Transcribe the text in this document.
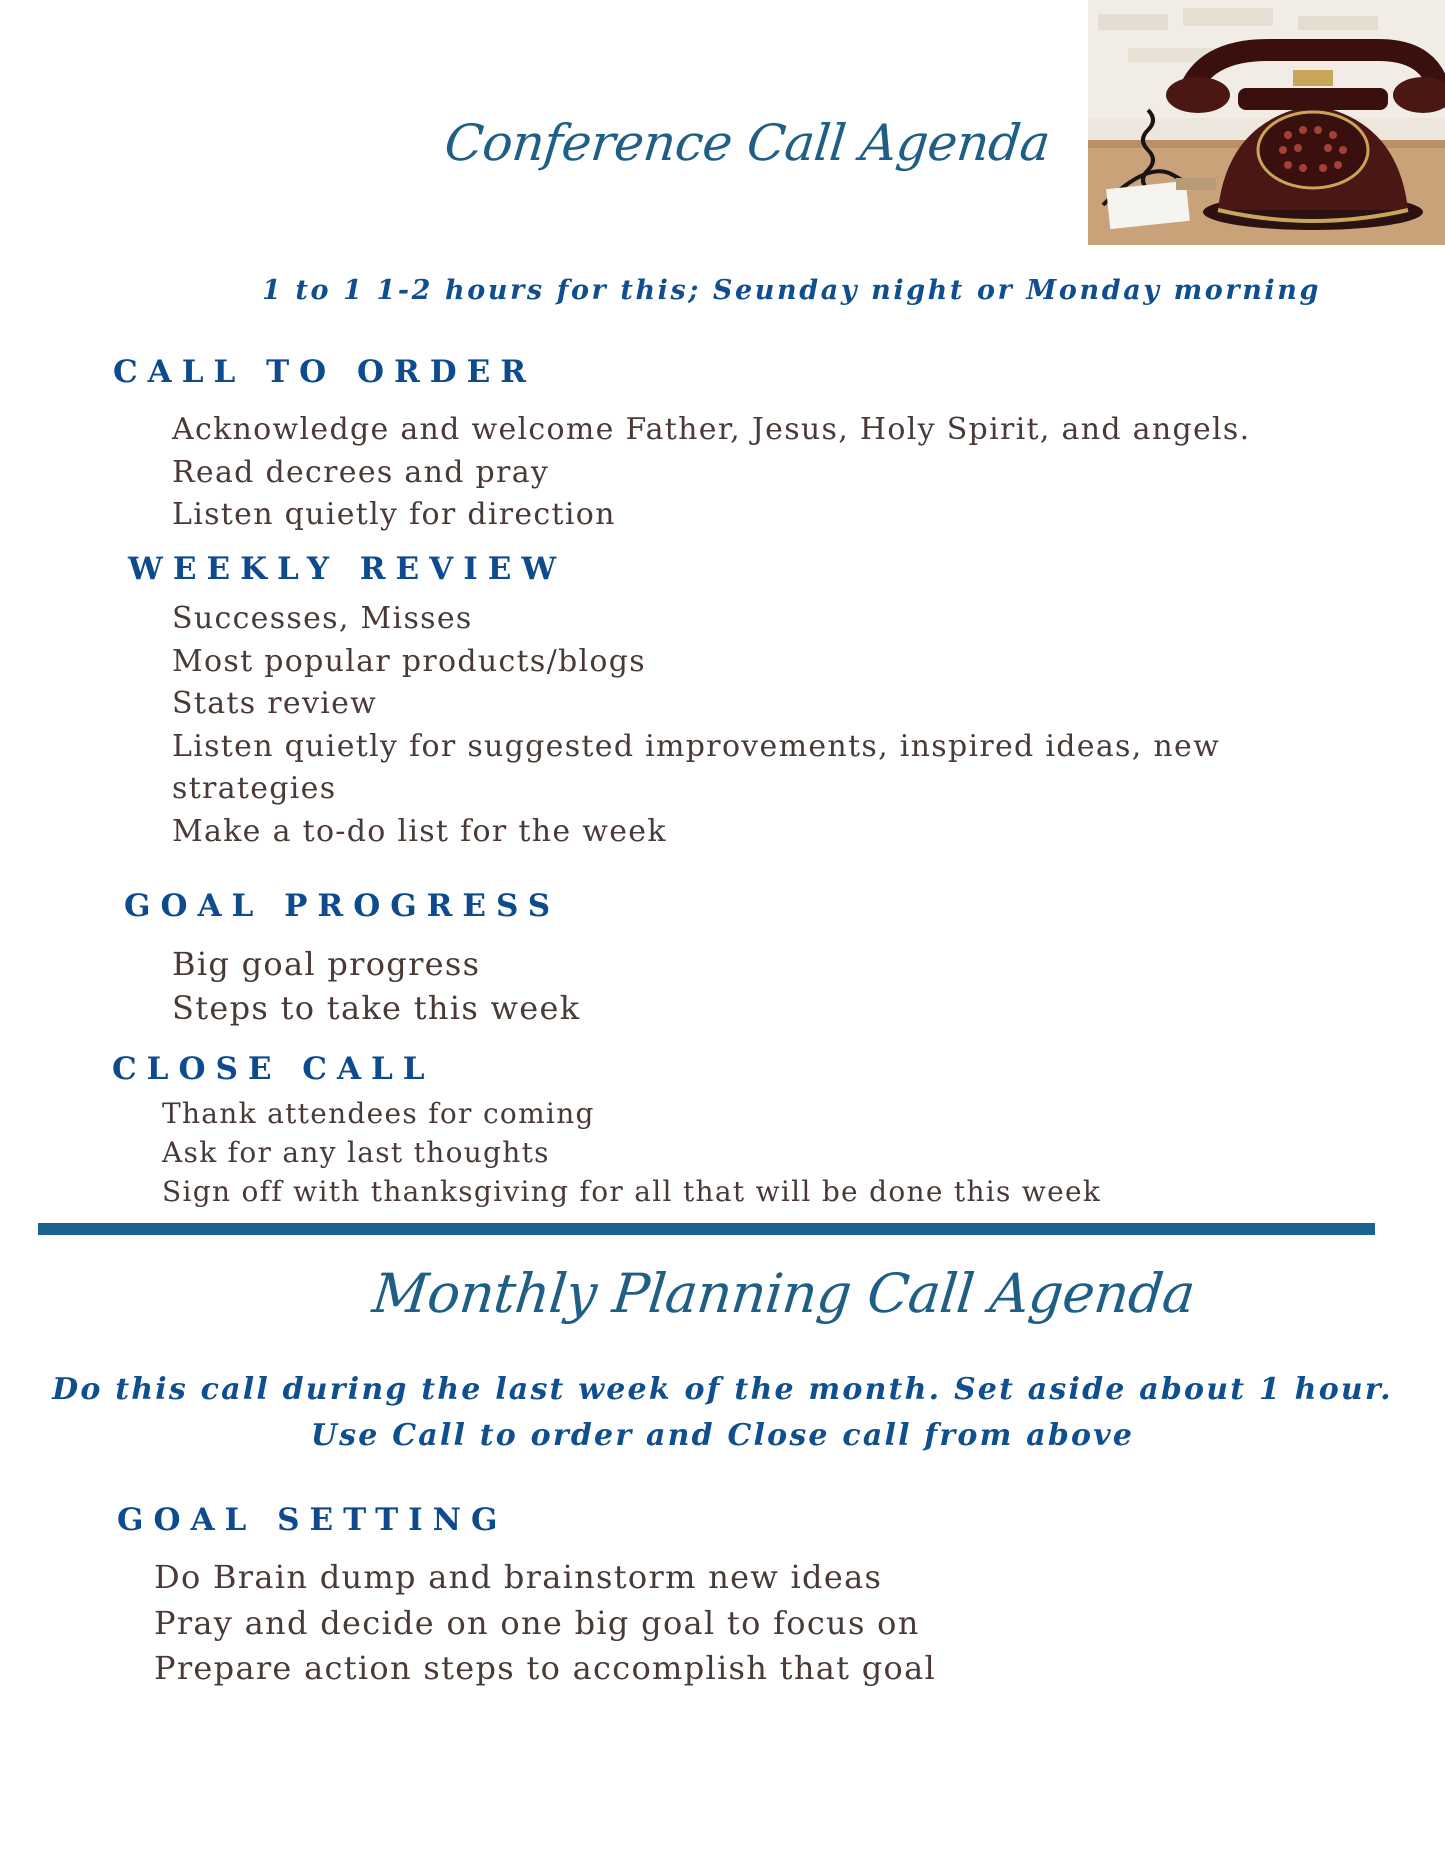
Conference Call Agenda

1 to 1 1-2 hours for this; Seunday night or Monday morning

CALL TO ORDER
Acknowledge and welcome Father, Jesus, Holy Spirit, and angels.
Read decrees and pray
Listen quietly for direction
WEEKLY REVIEW
Successes, Misses
Most popular products/blogs
Stats review
Listen quietly for suggested improvements, inspired ideas, new
strategies
Make a to-do list for the week
GOAL PROGRESS
Big goal progress
Steps to take this week
CLOSE CALL
Thank attendees for coming
Ask for any last thoughts
Sign off with thanksgiving for all that will be done this week
Monthly Planning Call Agenda

Do this call during the last week of the month. Set aside about 1 hour.

Use Call to order and Close call from above

GOAL SETTING
Do Brain dump and brainstorm new ideas
Pray and decide on one big goal to focus on
Prepare action steps to accomplish that goal
